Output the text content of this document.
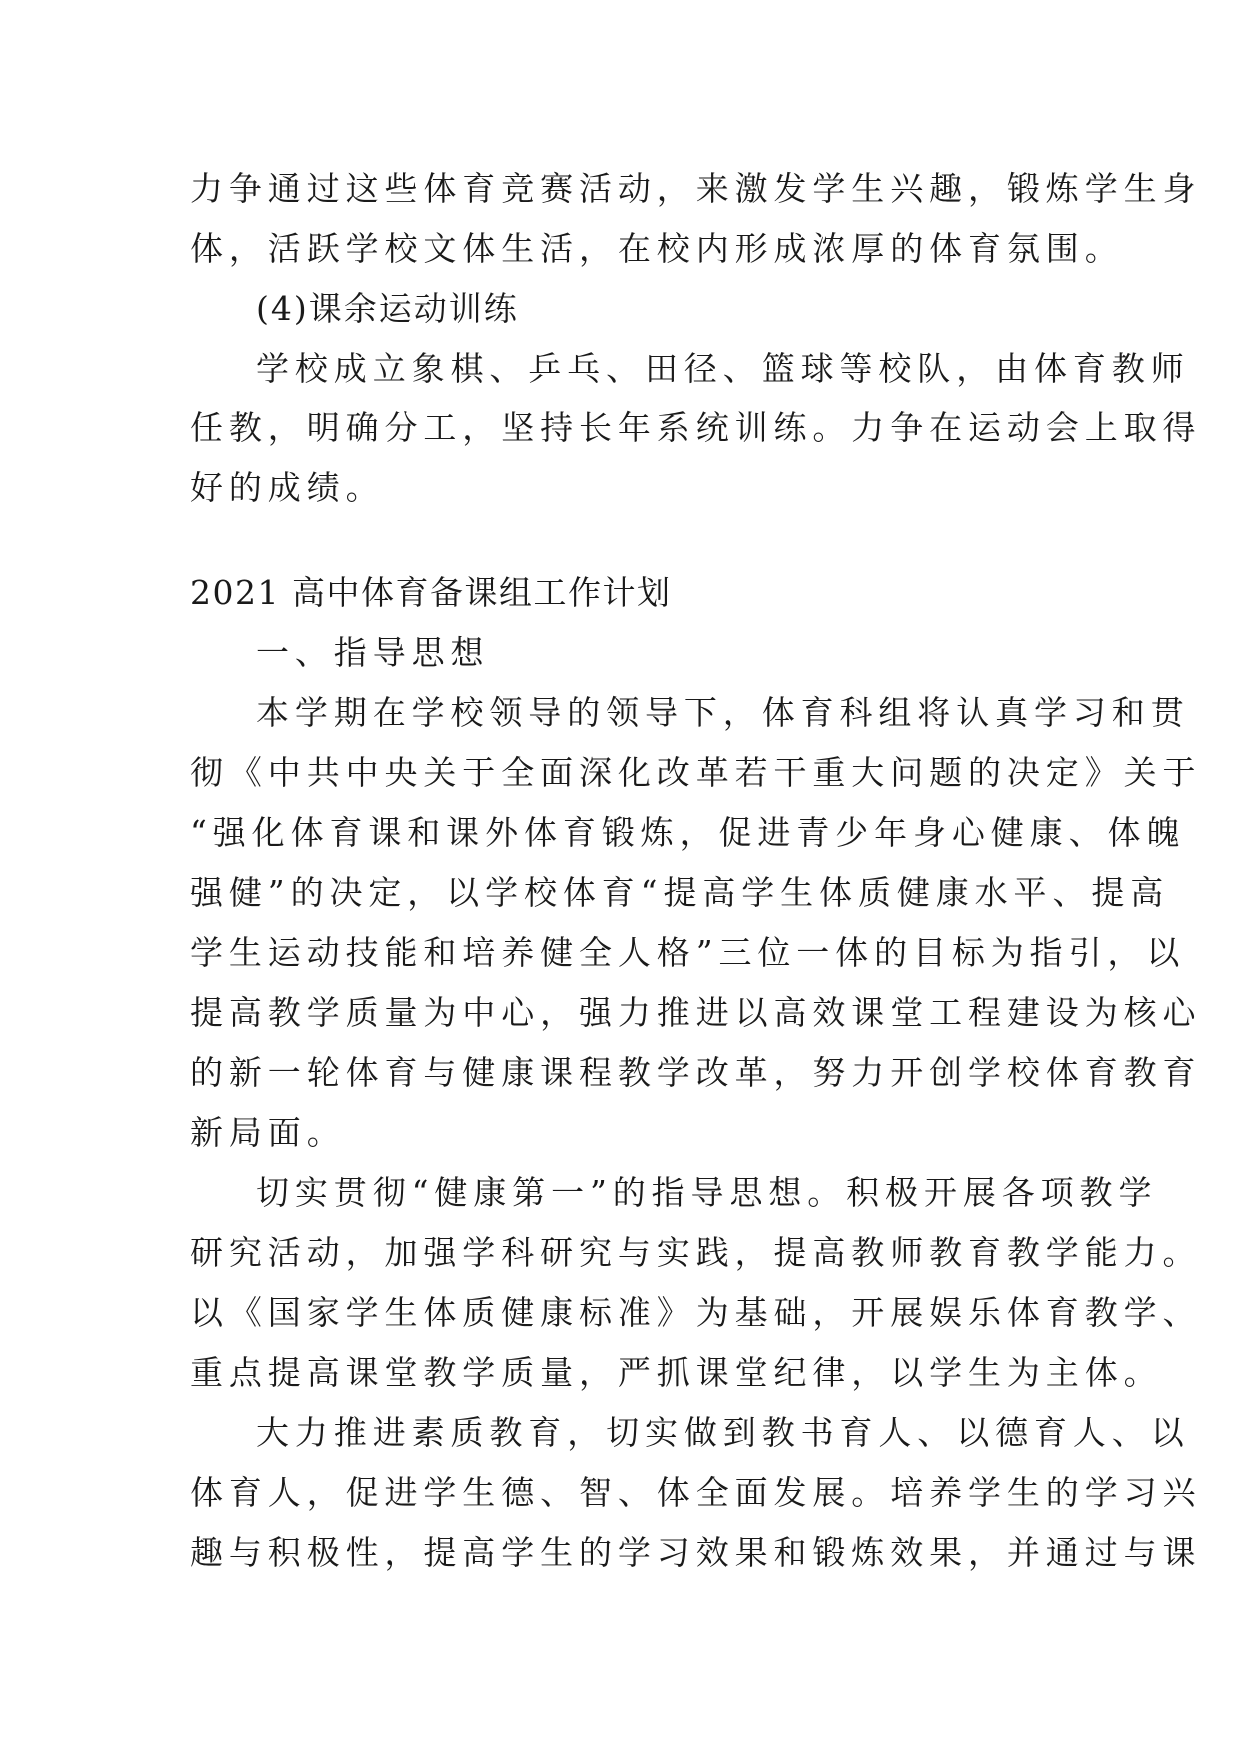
力争通过这些体育竞赛活动，来激发学生兴趣，锻炼学生身
体，活跃学校文体生活，在校内形成浓厚的体育氛围。
(4)课余运动训练
学校成立象棋、乒乓、田径、篮球等校队，由体育教师
任教，明确分工，坚持长年系统训练。力争在运动会上取得
好的成绩。
2021 高中体育备课组工作计划
一、指导思想
本学期在学校领导的领导下，体育科组将认真学习和贯
彻《中共中央关于全面深化改革若干重大问题的决定》关于
“强化体育课和课外体育锻炼，促进青少年身心健康、体魄
强健”的决定，以学校体育“提高学生体质健康水平、提高
学生运动技能和培养健全人格”三位一体的目标为指引，以
提高教学质量为中心，强力推进以高效课堂工程建设为核心
的新一轮体育与健康课程教学改革，努力开创学校体育教育
新局面。
切实贯彻“健康第一”的指导思想。积极开展各项教学
研究活动，加强学科研究与实践，提高教师教育教学能力。
以《国家学生体质健康标准》为基础，开展娱乐体育教学、
重点提高课堂教学质量，严抓课堂纪律，以学生为主体。
大力推进素质教育，切实做到教书育人、以德育人、以
体育人，促进学生德、智、体全面发展。培养学生的学习兴
趣与积极性，提高学生的学习效果和锻炼效果，并通过与课
